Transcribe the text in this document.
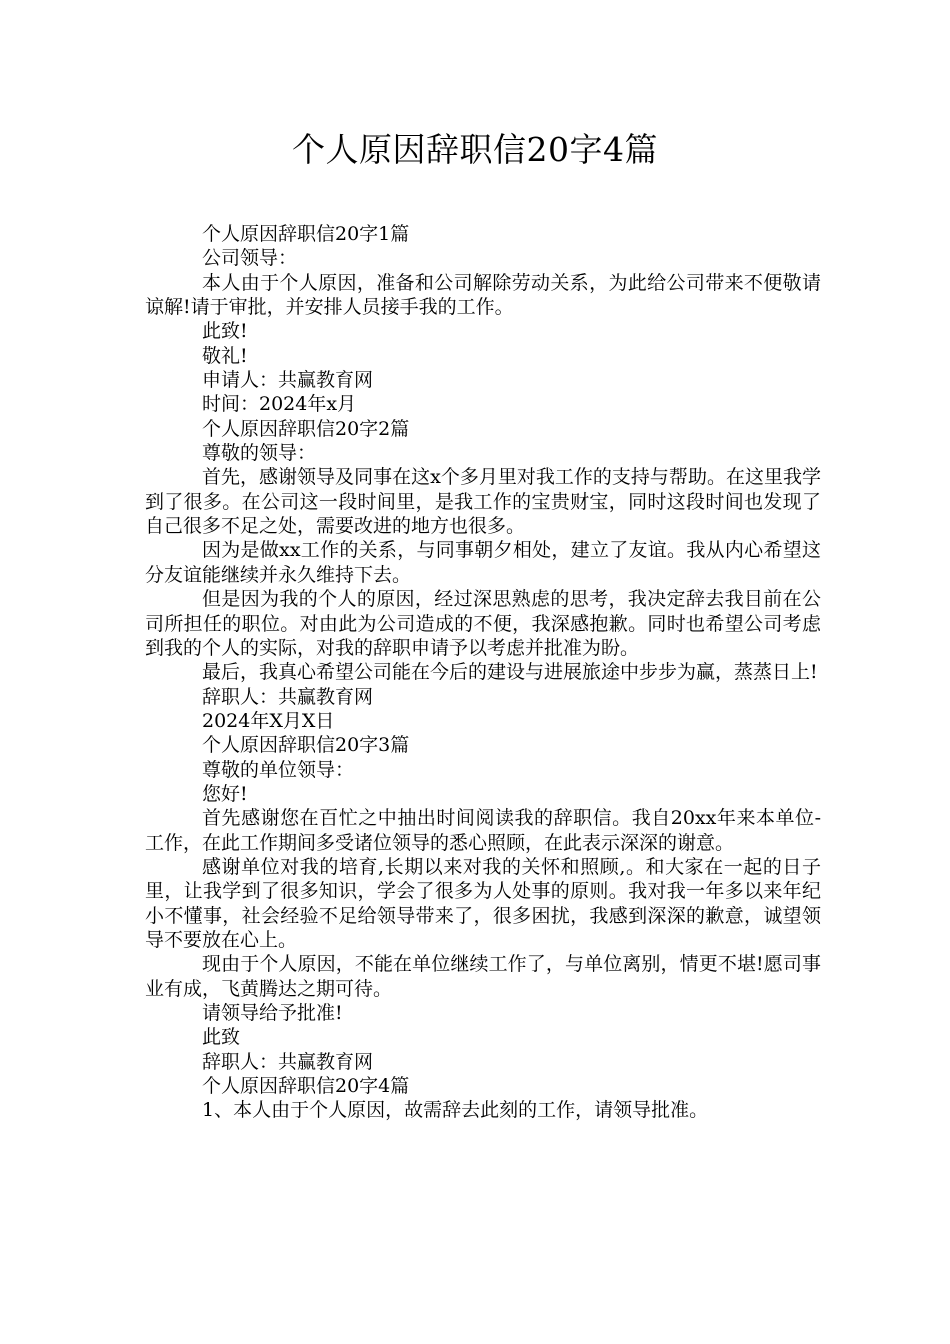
个人原因辞职信20字4篇

个人原因辞职信20字1篇

公司领导：

本人由于个人原因，准备和公司解除劳动关系，为此给公司带来不便敬请谅解!请于审批，并安排人员接手我的工作。

此致!

敬礼!

申请人：共赢教育网

时间：2024年x月

个人原因辞职信20字2篇

尊敬的领导：

首先，感谢领导及同事在这x个多月里对我工作的支持与帮助。在这里我学到了很多。在公司这一段时间里，是我工作的宝贵财宝，同时这段时间也发现了自己很多不足之处，需要改进的地方也很多。

因为是做xx工作的关系，与同事朝夕相处，建立了友谊。我从内心希望这分友谊能继续并永久维持下去。

但是因为我的个人的原因，经过深思熟虑的思考，我决定辞去我目前在公司所担任的职位。对由此为公司造成的不便，我深感抱歉。同时也希望公司考虑到我的个人的实际，对我的辞职申请予以考虑并批准为盼。

最后，我真心希望公司能在今后的建设与进展旅途中步步为赢，蒸蒸日上!

辞职人：共赢教育网

2024年X月X日

个人原因辞职信20字3篇

尊敬的单位领导：

您好!

首先感谢您在百忙之中抽出时间阅读我的辞职信。我自20xx年来本单位-工作，在此工作期间多受诸位领导的悉心照顾，在此表示深深的谢意。

感谢单位对我的培育,长期以来对我的关怀和照顾,。和大家在一起的日子里，让我学到了很多知识，学会了很多为人处事的原则。我对我一年多以来年纪小不懂事，社会经验不足给领导带来了，很多困扰，我感到深深的歉意，诚望领导不要放在心上。

现由于个人原因，不能在单位继续工作了，与单位离别，情更不堪!愿司事业有成，飞黄腾达之期可待。

请领导给予批准!

此致

辞职人：共赢教育网

个人原因辞职信20字4篇

1、本人由于个人原因，故需辞去此刻的工作，请领导批准。
